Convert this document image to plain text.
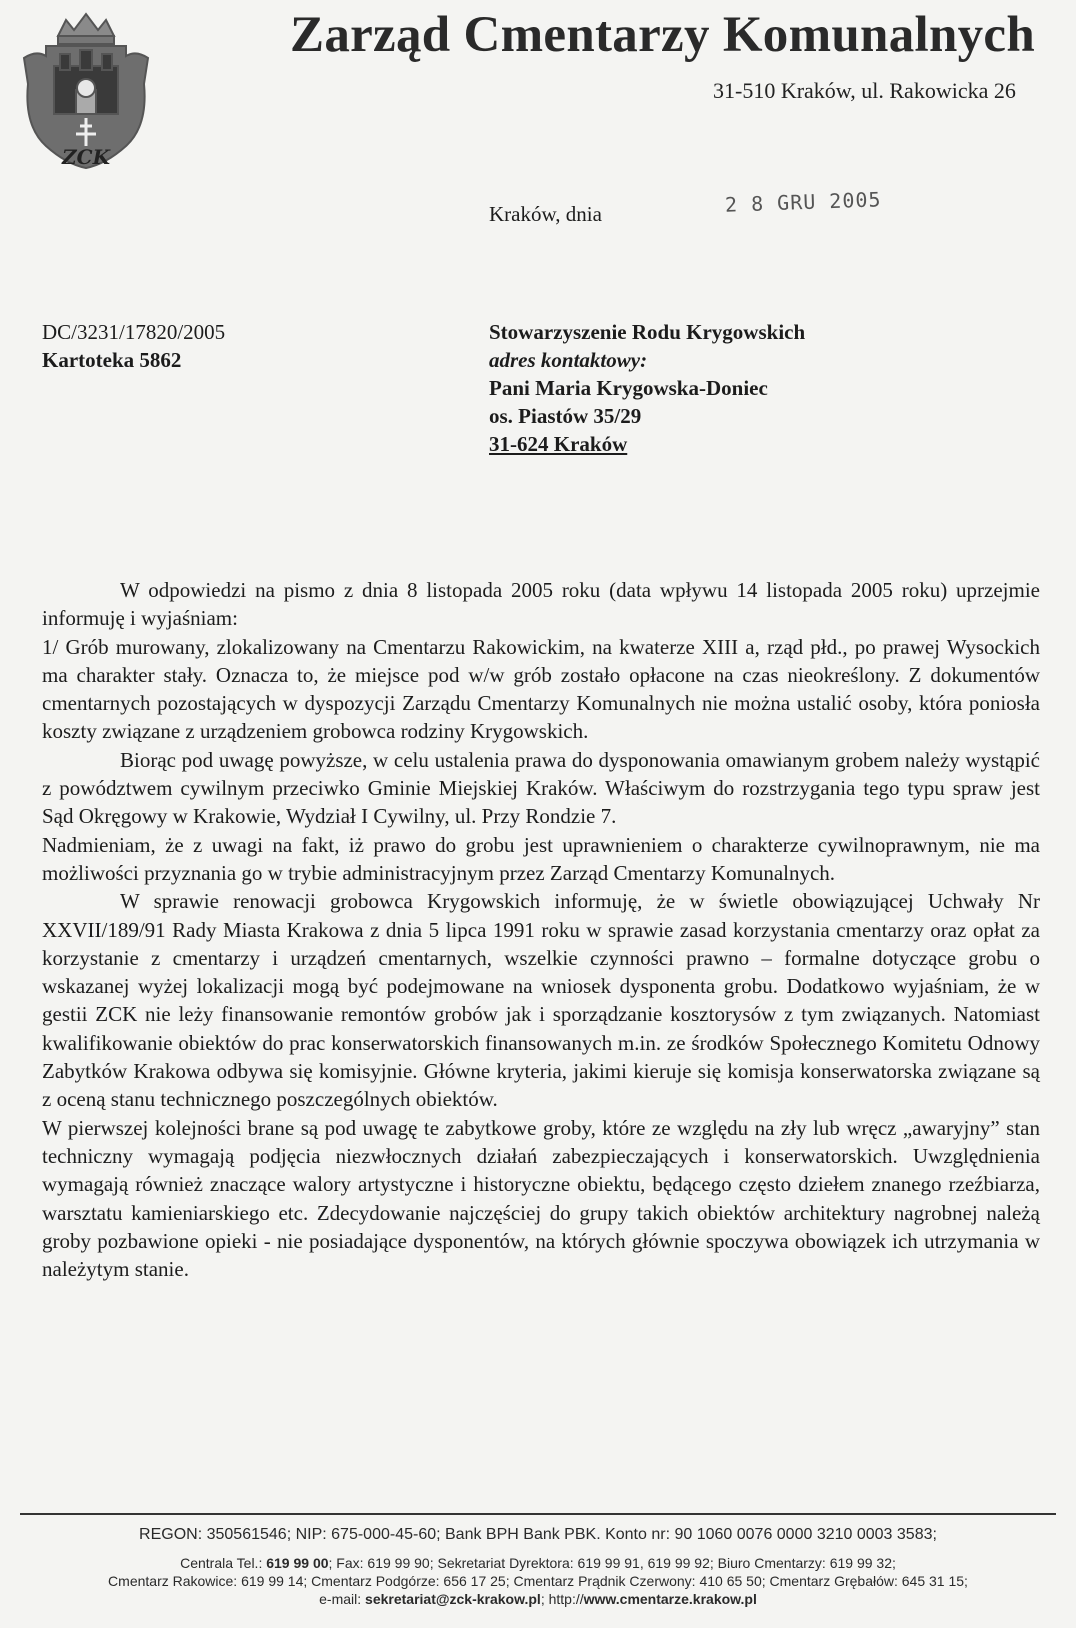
ZCK
Zarząd Cmentarzy Komunalnych
31-510 Kraków, ul. Rakowicka 26
Kraków, dnia	2 8 GRU 2005
DC/3231/17820/2005
Kartoteka 5862
Stowarzyszenie Rodu Krygowskich
adres kontaktowy:
Pani Maria Krygowska-Doniec
os. Piastów 35/29
31-624 Kraków

W odpowiedzi na pismo z dnia 8 listopada 2005 roku (data wpływu 14 listopada 2005 roku) uprzejmie informuję i wyjaśniam:

1/ Grób murowany, zlokalizowany na Cmentarzu Rakowickim, na kwaterze XIII a, rząd płd., po prawej Wysockich ma charakter stały. Oznacza to, że miejsce pod w/w grób zostało opłacone na czas nieokreślony. Z dokumentów cmentarnych pozostających w dyspozycji Zarządu Cmentarzy Komunalnych nie można ustalić osoby, która poniosła koszty związane z urządzeniem grobowca rodziny Krygowskich.

Biorąc pod uwagę powyższe, w celu ustalenia prawa do dysponowania omawianym grobem należy wystąpić z powództwem cywilnym przeciwko Gminie Miejskiej Kraków. Właściwym do rozstrzygania tego typu spraw jest Sąd Okręgowy w Krakowie, Wydział I Cywilny, ul. Przy Rondzie 7.

Nadmieniam, że z uwagi na fakt, iż prawo do grobu jest uprawnieniem o charakterze cywilnoprawnym, nie ma możliwości przyznania go w trybie administracyjnym przez Zarząd Cmentarzy Komunalnych.

W sprawie renowacji grobowca Krygowskich informuję, że w świetle obowiązującej Uchwały Nr XXVII/189/91 Rady Miasta Krakowa z dnia 5 lipca 1991 roku w sprawie zasad korzystania cmentarzy oraz opłat za korzystanie z cmentarzy i urządzeń cmentarnych, wszelkie czynności prawno – formalne dotyczące grobu o wskazanej wyżej lokalizacji mogą być podejmowane na wniosek dysponenta grobu. Dodatkowo wyjaśniam, że w gestii ZCK nie leży finansowanie remontów grobów jak i sporządzanie kosztorysów z tym związanych. Natomiast kwalifikowanie obiektów do prac konserwatorskich finansowanych m.in. ze środków Społecznego Komitetu Odnowy Zabytków Krakowa odbywa się komisyjnie. Główne kryteria, jakimi kieruje się komisja konserwatorska związane są z oceną stanu technicznego poszczególnych obiektów.

W pierwszej kolejności brane są pod uwagę te zabytkowe groby, które ze względu na zły lub wręcz „awaryjny” stan techniczny wymagają podjęcia niezwłocznych działań zabezpieczających i konserwatorskich. Uwzględnienia wymagają również znaczące walory artystyczne i historyczne obiektu, będącego często dziełem znanego rzeźbiarza, warsztatu kamieniarskiego etc. Zdecydowanie najczęściej do grupy takich obiektów architektury nagrobnej należą groby pozbawione opieki - nie posiadające dysponentów, na których głównie spoczywa obowiązek ich utrzymania w należytym stanie.

REGON: 350561546; NIP: 675-000-45-60; Bank BPH Bank PBK. Konto nr: 90 1060 0076 0000 3210 0003 3583;
Centrala Tel.: 619 99 00; Fax: 619 99 90; Sekretariat Dyrektora: 619 99 91, 619 99 92; Biuro Cmentarzy: 619 99 32;
Cmentarz Rakowice: 619 99 14; Cmentarz Podgórze: 656 17 25; Cmentarz Prądnik Czerwony: 410 65 50; Cmentarz Grębałów: 645 31 15;
e-mail: sekretariat@zck-krakow.pl; http://www.cmentarze.krakow.pl
